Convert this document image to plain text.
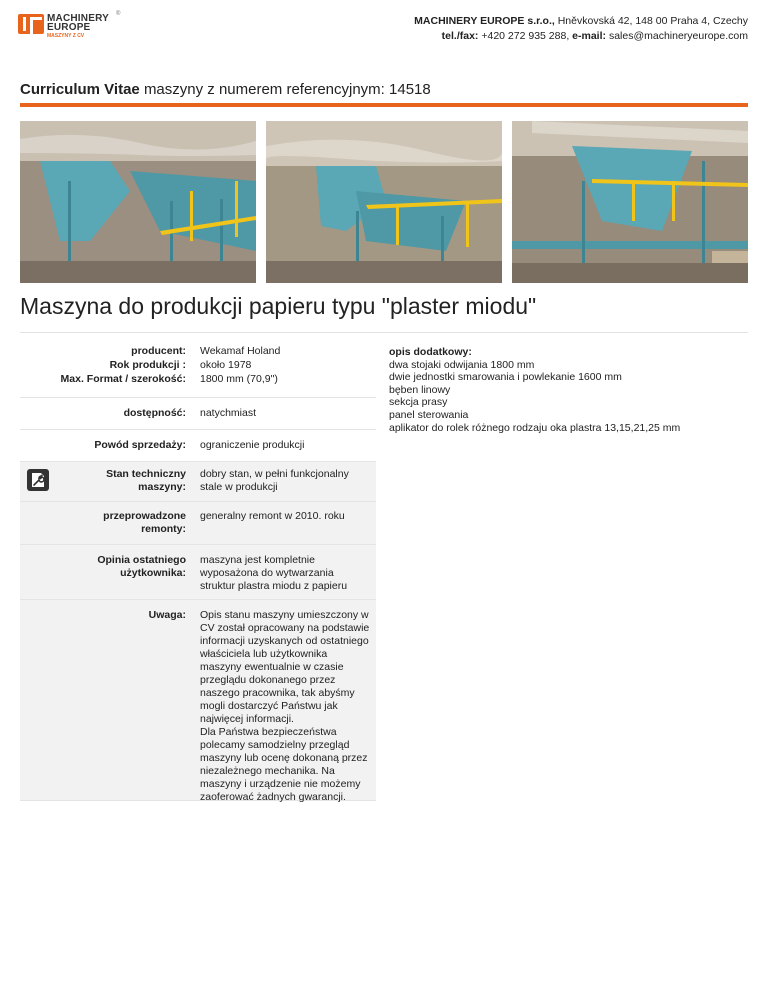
MACHINERY
EUROPE
®
MASZYNY Z CV
MACHINERY EUROPE s.r.o., Hněvkovská 42, 148 00 Praha 4, Czechy
tel./fax: +420 272 935 288, e-mail: sales@machineryeurope.com
Curriculum Vitae maszyny z numerem referencyjnym: 14518
Maszyna do produkcji papieru typu "plaster miodu"
producent: Wekamaf Holand
Rok produkcji : około 1978
Max. Format / szerokość: 1800 mm (70,9")
dostępność: natychmiast
Powód sprzedaży: ograniczenie produkcji
Stan techniczny maszyny:
dobry stan, w pełni funkcjonalny stale w produkcji
przeprowadzone remonty:
generalny remont w 2010. roku
Opinia ostatniego użytkownika:
maszyna jest kompletnie wyposażona do wytwarzania struktur plastra miodu z papieru
Uwaga: Opis stanu maszyny umieszczony w CV został opracowany na podstawie informacji uzyskanych od ostatniego właściciela lub użytkownika maszyny ewentualnie w czasie przeglądu dokonanego przez naszego pracownika, tak abyśmy mogli dostarczyć Państwu jak najwięcej informacji.
Dla Państwa bezpieczeństwa polecamy samodzielny przegląd maszyny lub ocenę dokonaną przez niezależnego mechanika. Na maszyny i urządzenie nie możemy zaoferować żadnych gwarancji.
opis dodatkowy:
dwa stojaki odwijania 1800 mm
dwie jednostki smarowania i powlekanie 1600 mm
bęben linowy
sekcja prasy
panel sterowania
aplikator do rolek różnego rodzaju oka plastra 13,15,21,25 mm
